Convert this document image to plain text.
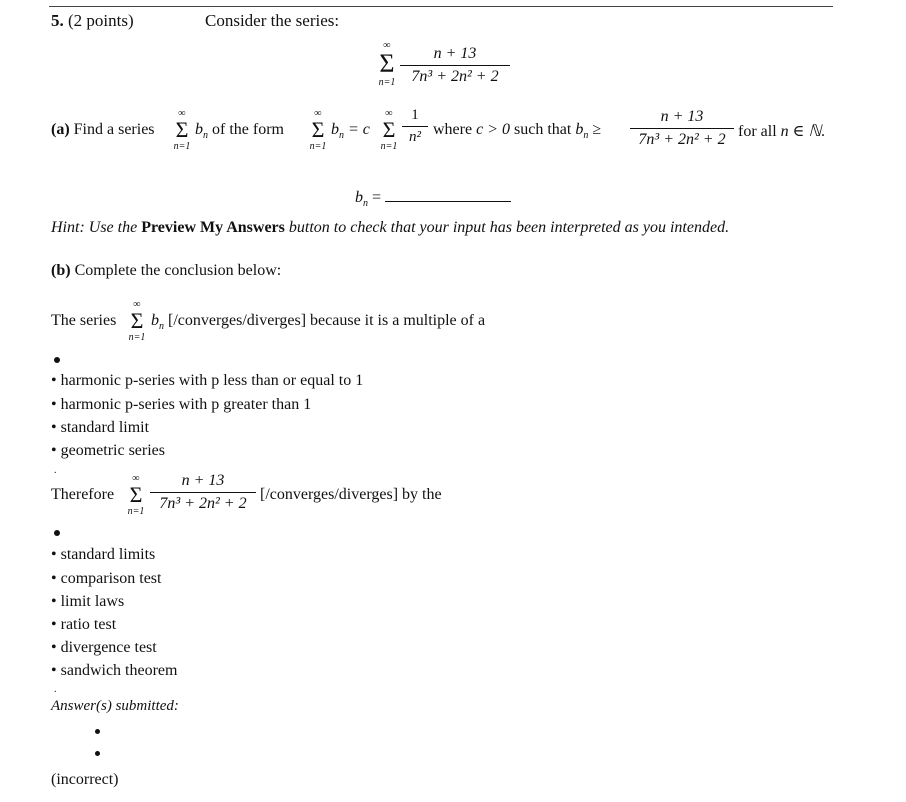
5. (2 points)	Consider the series:
∞
Σ
n=1
n + 13
7n³ + 2n² + 2
(a) Find a series
∞
Σ
n=1
$b_n$ of the form
∞
Σ
n=1
$b_n = c$
∞
Σ
n=1
1
n² where c > 0 such that $b_n$ ≥
n + 13
7n³ + 2n² + 2 for all n ∈ ℕ.
$b_n$ =
Hint: Use the Preview My Answers button to check that your input has been interpreted as you intended.
(b) Complete the conclusion below:
The series
∞
Σ
n=1
$b_n$ [/converges/diverges] because it is a multiple of a
• harmonic p-series with p less than or equal to 1
• harmonic p-series with p greater than 1
• standard limit
• geometric series
.
Therefore
∞
Σ
n=1
n + 13
7n³ + 2n² + 2
[/converges/diverges] by the
• standard limits
• comparison test
• limit laws
• ratio test
• divergence test
• sandwich theorem
.
Answer(s) submitted:
(incorrect)
